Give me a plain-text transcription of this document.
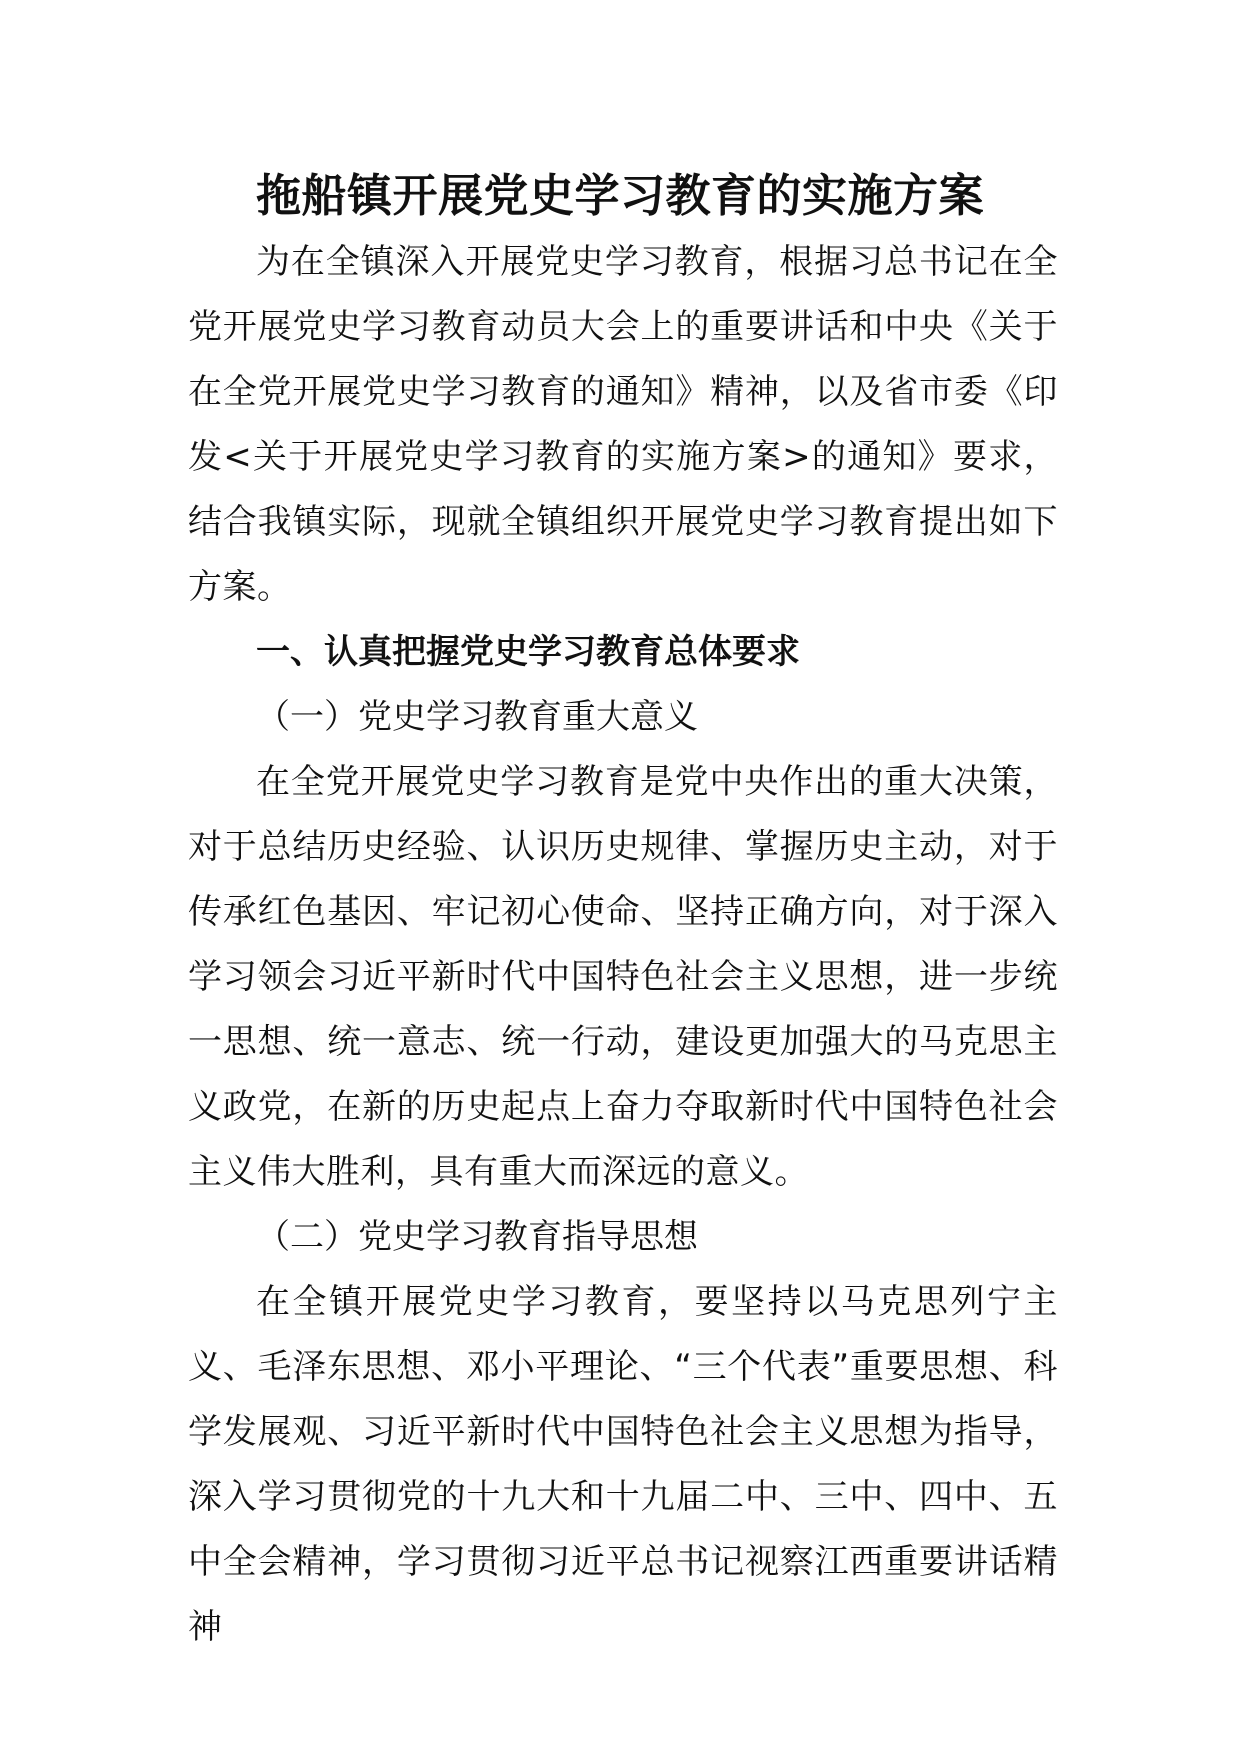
拖船镇开展党史学习教育的实施方案

为在全镇深入开展党史学习教育，根据习总书记在全党开展党史学习教育动员大会上的重要讲话和中央《关于在全党开展党史学习教育的通知》精神，以及省市委《印发<关于开展党史学习教育的实施方案>的通知》要求，结合我镇实际，现就全镇组织开展党史学习教育提出如下方案。

一、认真把握党史学习教育总体要求

（一）党史学习教育重大意义

在全党开展党史学习教育是党中央作出的重大决策，对于总结历史经验、认识历史规律、掌握历史主动，对于传承红色基因、牢记初心使命、坚持正确方向，对于深入学习领会习近平新时代中国特色社会主义思想，进一步统一思想、统一意志、统一行动，建设更加强大的马克思主义政党，在新的历史起点上奋力夺取新时代中国特色社会主义伟大胜利，具有重大而深远的意义。

（二）党史学习教育指导思想

在全镇开展党史学习教育，要坚持以马克思列宁主义、毛泽东思想、邓小平理论、“三个代表”重要思想、科学发展观、习近平新时代中国特色社会主义思想为指导，深入学习贯彻党的十九大和十九届二中、三中、四中、五中全会精神，学习贯彻习近平总书记视察江西重要讲话精神
